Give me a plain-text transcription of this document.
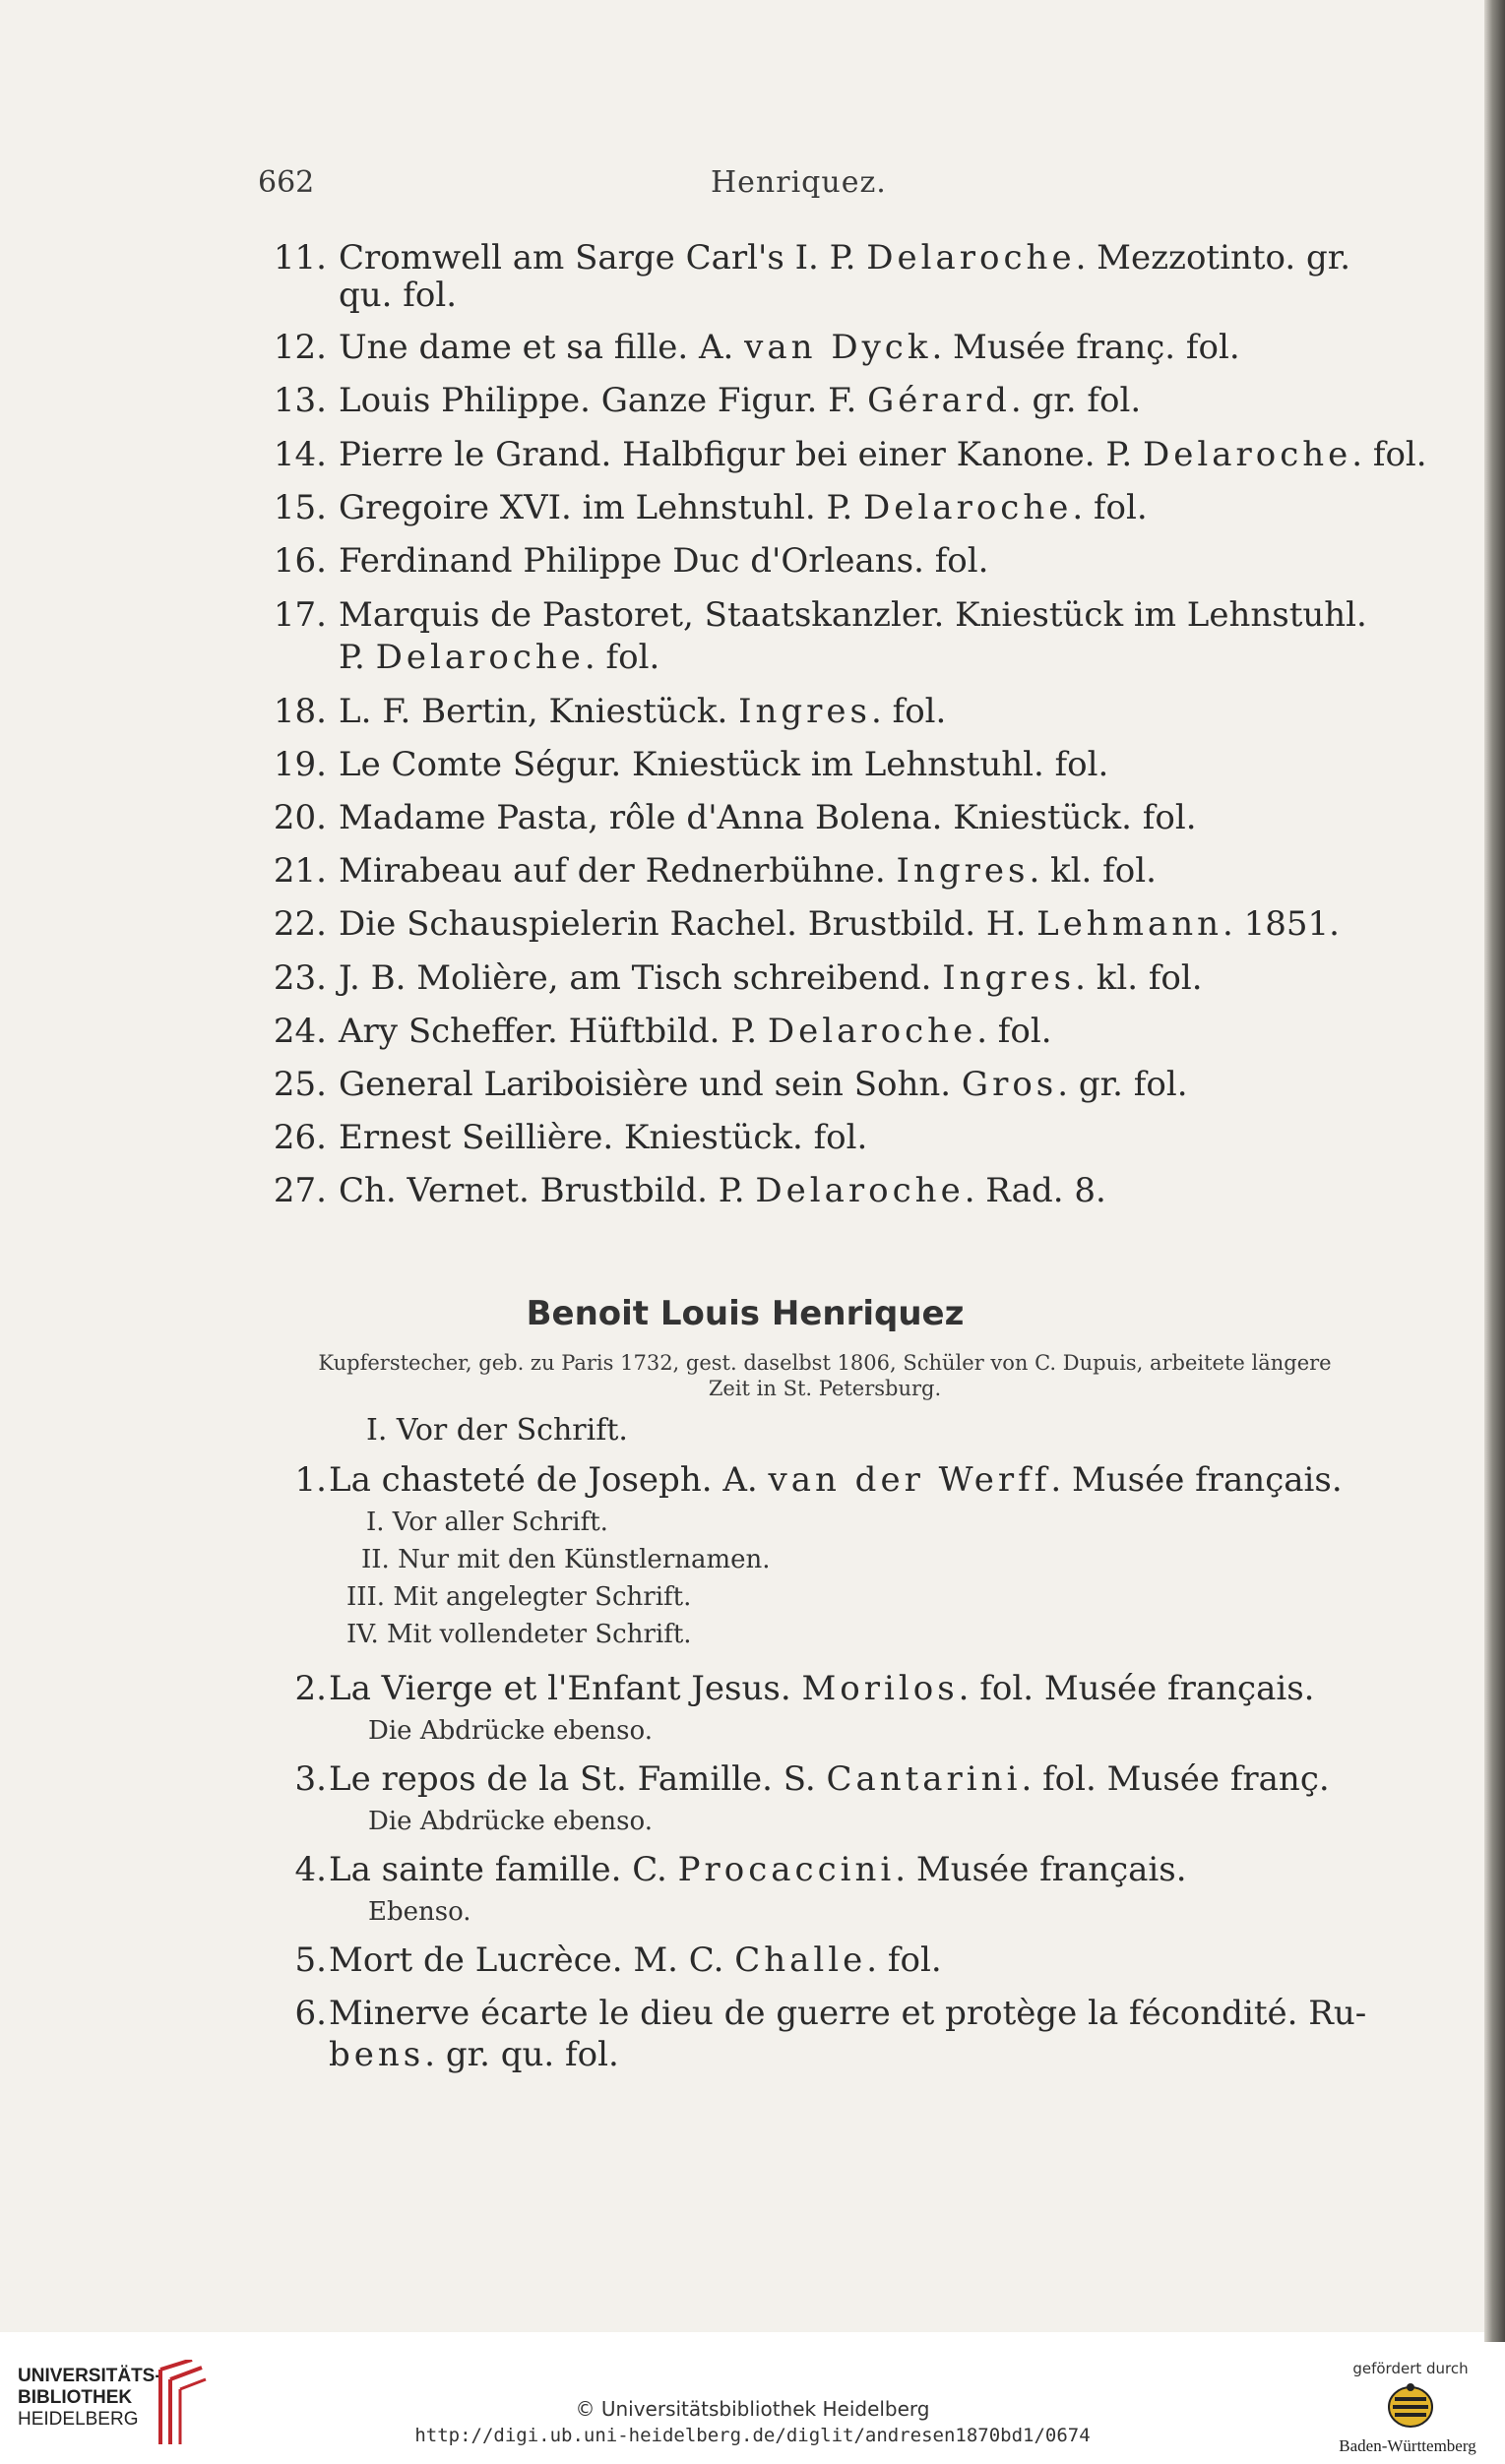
662	Henriquez.
11. Cromwell am Sarge Carl's I. P. Delaroche. Mezzotinto. gr.
qu. fol.
12. Une dame et sa fille. A. van Dyck. Musée franç. fol.
13. Louis Philippe. Ganze Figur. F. Gérard. gr. fol.
14. Pierre le Grand. Halbfigur bei einer Kanone. P. Delaroche. fol.
15. Gregoire XVI. im Lehnstuhl. P. Delaroche. fol.
16. Ferdinand Philippe Duc d'Orleans. fol.
17. Marquis de Pastoret, Staatskanzler. Kniestück im Lehnstuhl.
P. Delaroche. fol.
18. L. F. Bertin, Kniestück. Ingres. fol.
19. Le Comte Ségur. Kniestück im Lehnstuhl. fol.
20. Madame Pasta, rôle d'Anna Bolena. Kniestück. fol.
21. Mirabeau auf der Rednerbühne. Ingres. kl. fol.
22. Die Schauspielerin Rachel. Brustbild. H. Lehmann. 1851.
23. J. B. Molière, am Tisch schreibend. Ingres. kl. fol.
24. Ary Scheffer. Hüftbild. P. Delaroche. fol.
25. General Lariboisière und sein Sohn. Gros. gr. fol.
26. Ernest Seillière. Kniestück. fol.
27. Ch. Vernet. Brustbild. P. Delaroche. Rad. 8.
Benoit Louis Henriquez
Kupferstecher, geb. zu Paris 1732, gest. daselbst 1806, Schüler von C. Dupuis, arbeitete längere Zeit in St. Petersburg.
I. Vor der Schrift.
1. La chasteté de Joseph. A. van der Werff. Musée français.
I. Vor aller Schrift.
II. Nur mit den Künstlernamen.
III. Mit angelegter Schrift.
IV. Mit vollendeter Schrift.
2. La Vierge et l'Enfant Jesus. Morilos. fol. Musée français.
Die Abdrücke ebenso.
3. Le repos de la St. Famille. S. Cantarini. fol. Musée franç.
Die Abdrücke ebenso.
4. La sainte famille. C. Procaccini. Musée français.
Ebenso.
5. Mort de Lucrèce. M. C. Challe. fol.
6. Minerve écarte le dieu de guerre et protège la fécondité. Ru-
bens. gr. qu. fol.
UNIVERSITÄTS-
BIBLIOTHEK
HEIDELBERG	© Universitätsbibliothek Heidelberg
http://digi.ub.uni-heidelberg.de/diglit/andresen1870bd1/0674
gefördert durch
Baden-Württemberg
